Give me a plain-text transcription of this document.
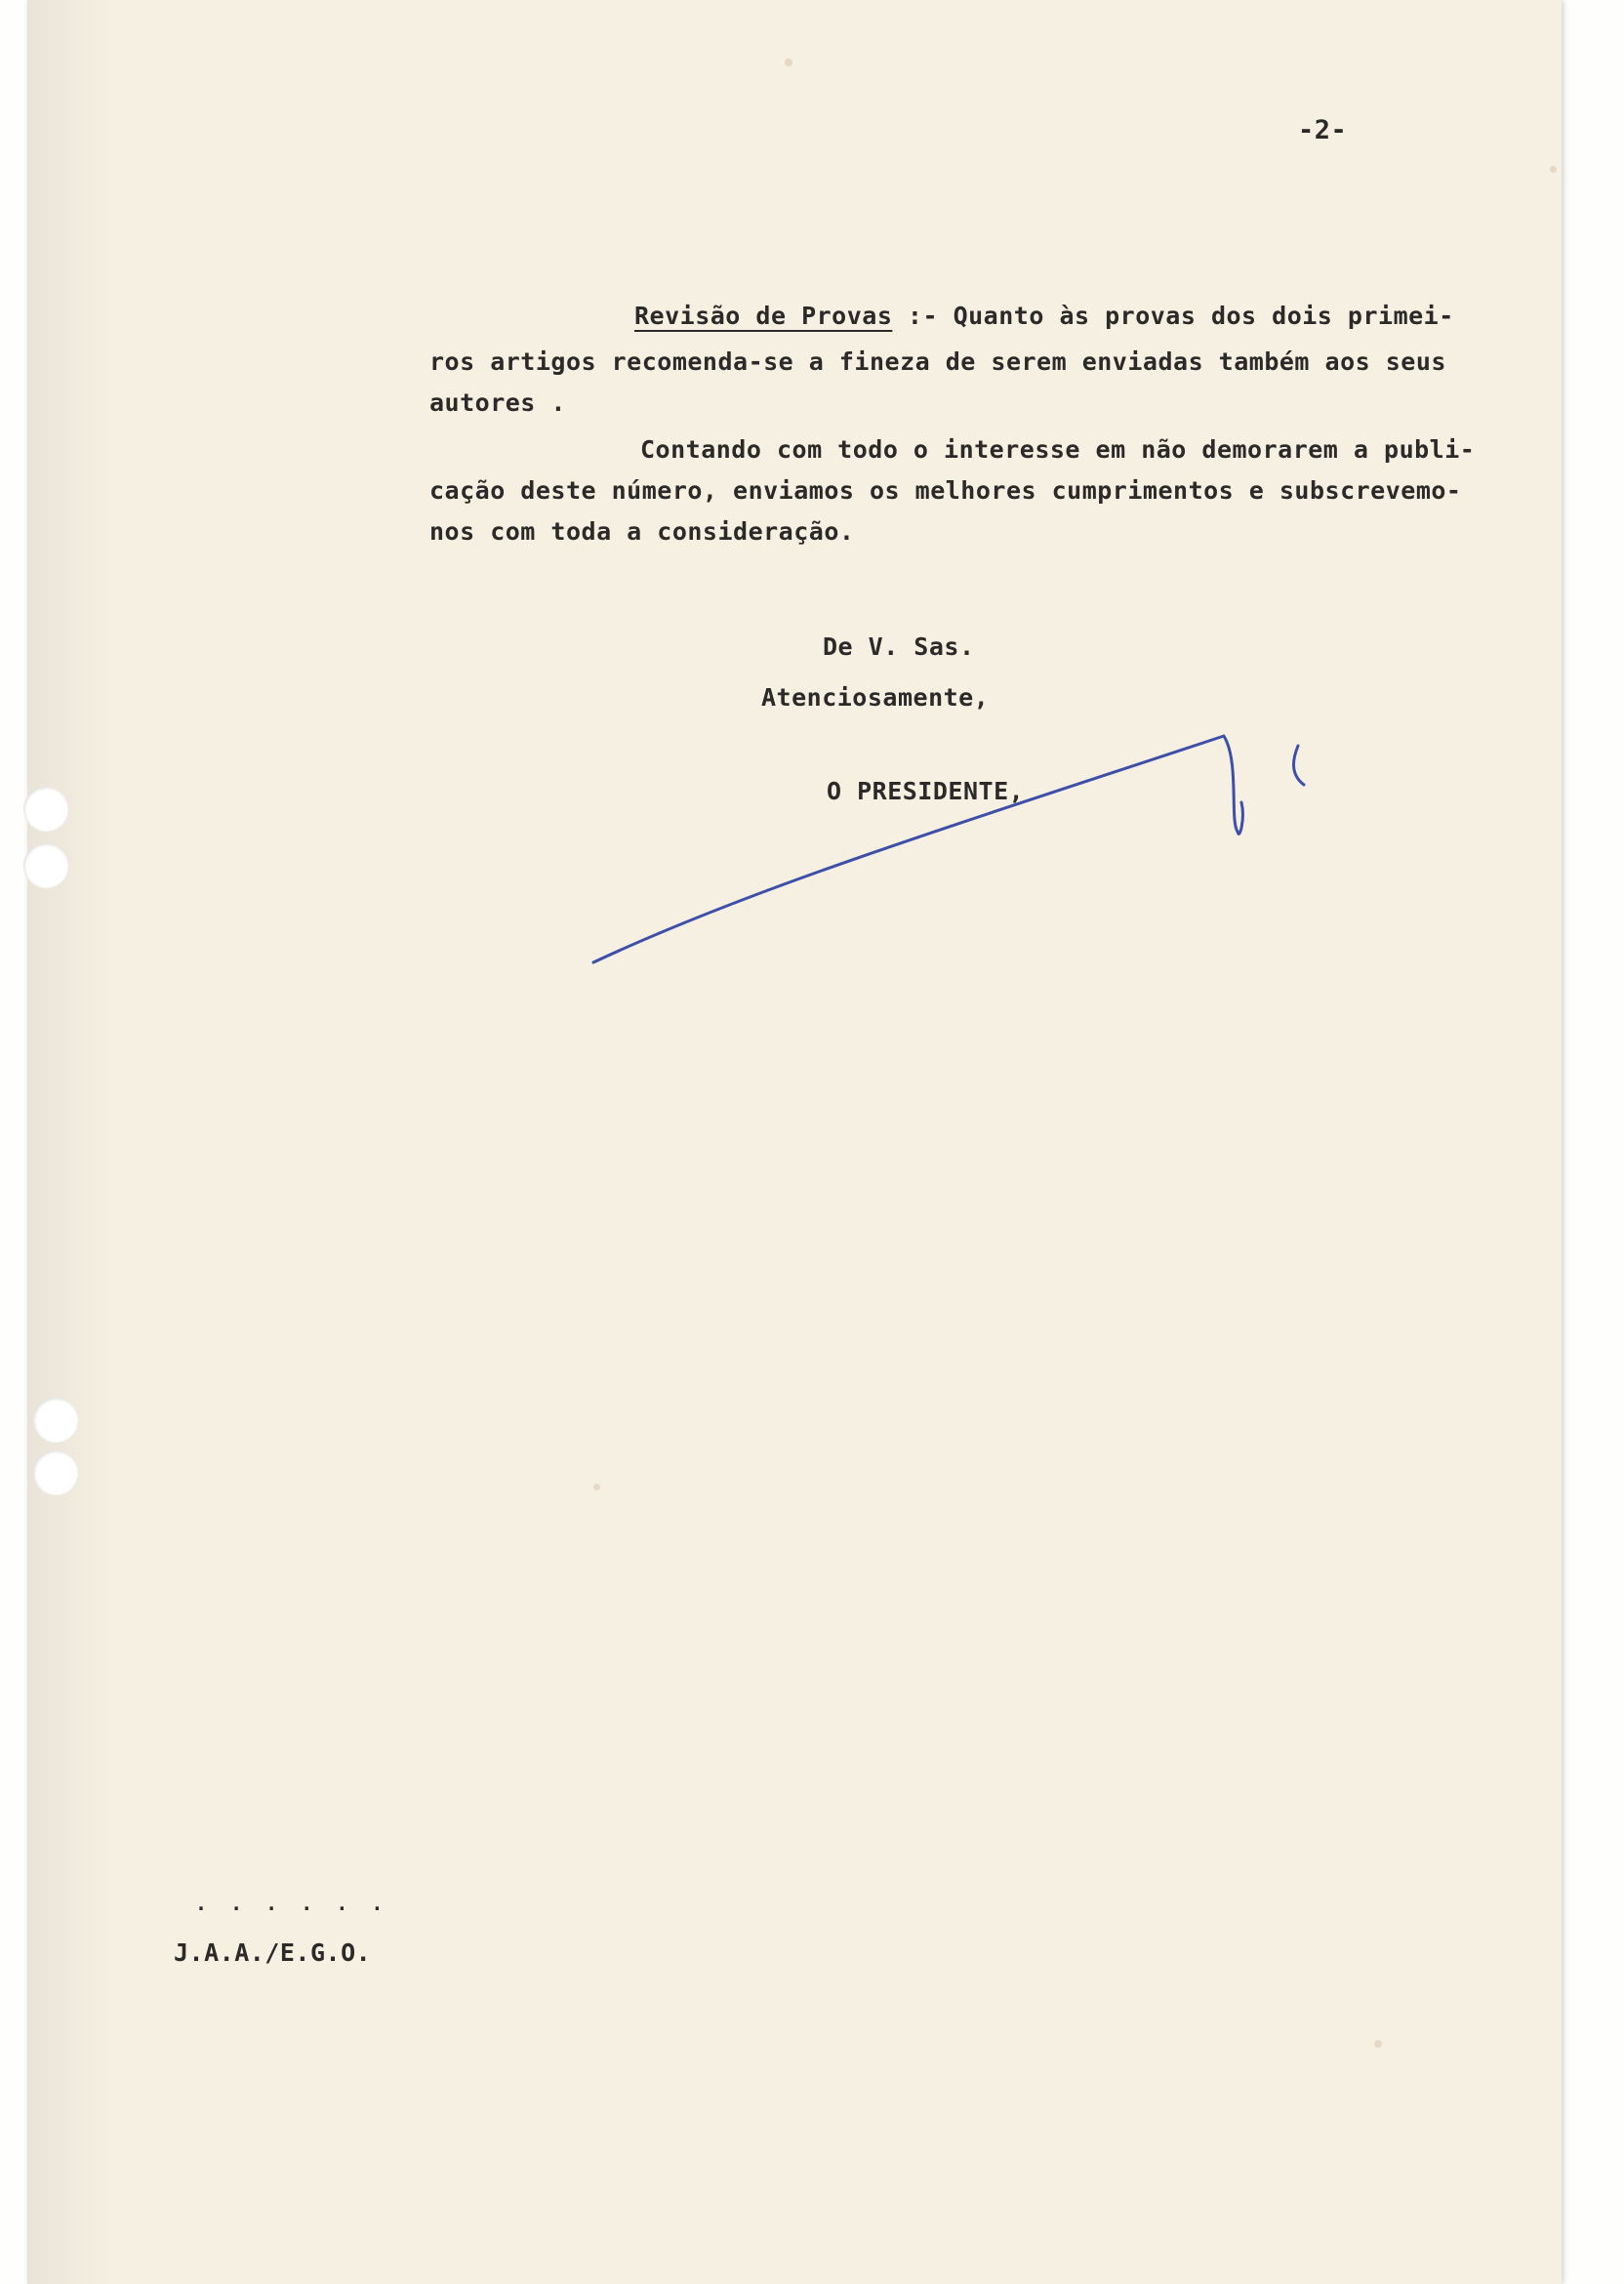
-2-

Revisão de Provas :- Quanto às provas dos dois primei-

ros artigos recomenda-se a fineza de serem enviadas também aos seus

autores .

Contando com todo o interesse em não demorarem a publi-

cação deste número, enviamos os melhores cumprimentos e subscrevemo-

nos com toda a consideração.

De V. Sas.

Atenciosamente,

O PRESIDENTE,

. . . . . .

J.A.A./E.G.O.
